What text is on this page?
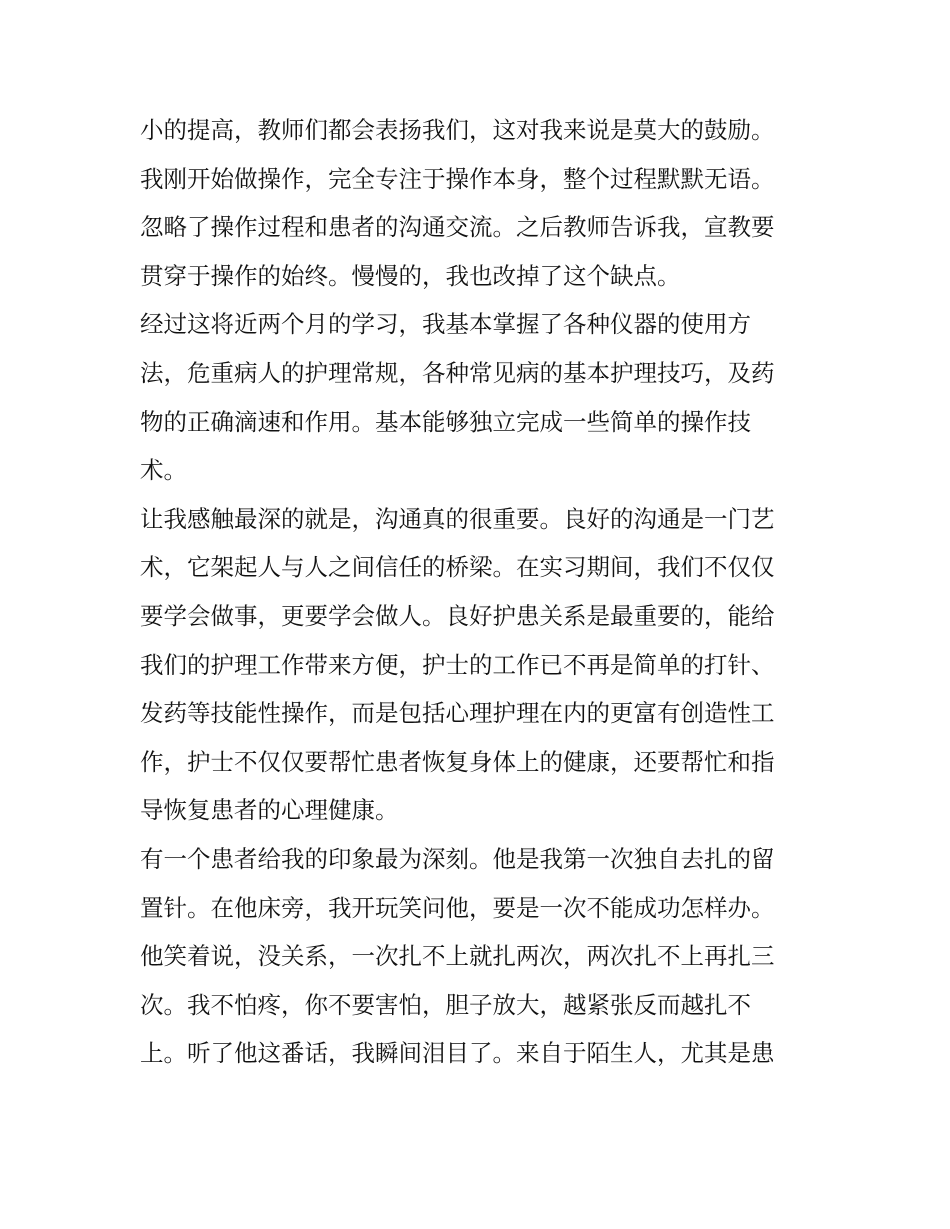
小的提高，教师们都会表扬我们，这对我来说是莫大的鼓励。
我刚开始做操作，完全专注于操作本身，整个过程默默无语。
忽略了操作过程和患者的沟通交流。之后教师告诉我，宣教要
贯穿于操作的始终。慢慢的，我也改掉了这个缺点。
经过这将近两个月的学习，我基本掌握了各种仪器的使用方
法，危重病人的护理常规，各种常见病的基本护理技巧，及药
物的正确滴速和作用。基本能够独立完成一些简单的操作技
术。
让我感触最深的就是，沟通真的很重要。良好的沟通是一门艺
术，它架起人与人之间信任的桥梁。在实习期间，我们不仅仅
要学会做事，更要学会做人。良好护患关系是最重要的，能给
我们的护理工作带来方便，护士的工作已不再是简单的打针、
发药等技能性操作，而是包括心理护理在内的更富有创造性工
作，护士不仅仅要帮忙患者恢复身体上的健康，还要帮忙和指
导恢复患者的心理健康。
有一个患者给我的印象最为深刻。他是我第一次独自去扎的留
置针。在他床旁，我开玩笑问他，要是一次不能成功怎样办。
他笑着说，没关系，一次扎不上就扎两次，两次扎不上再扎三
次。我不怕疼，你不要害怕，胆子放大，越紧张反而越扎不
上。听了他这番话，我瞬间泪目了。来自于陌生人，尤其是患
